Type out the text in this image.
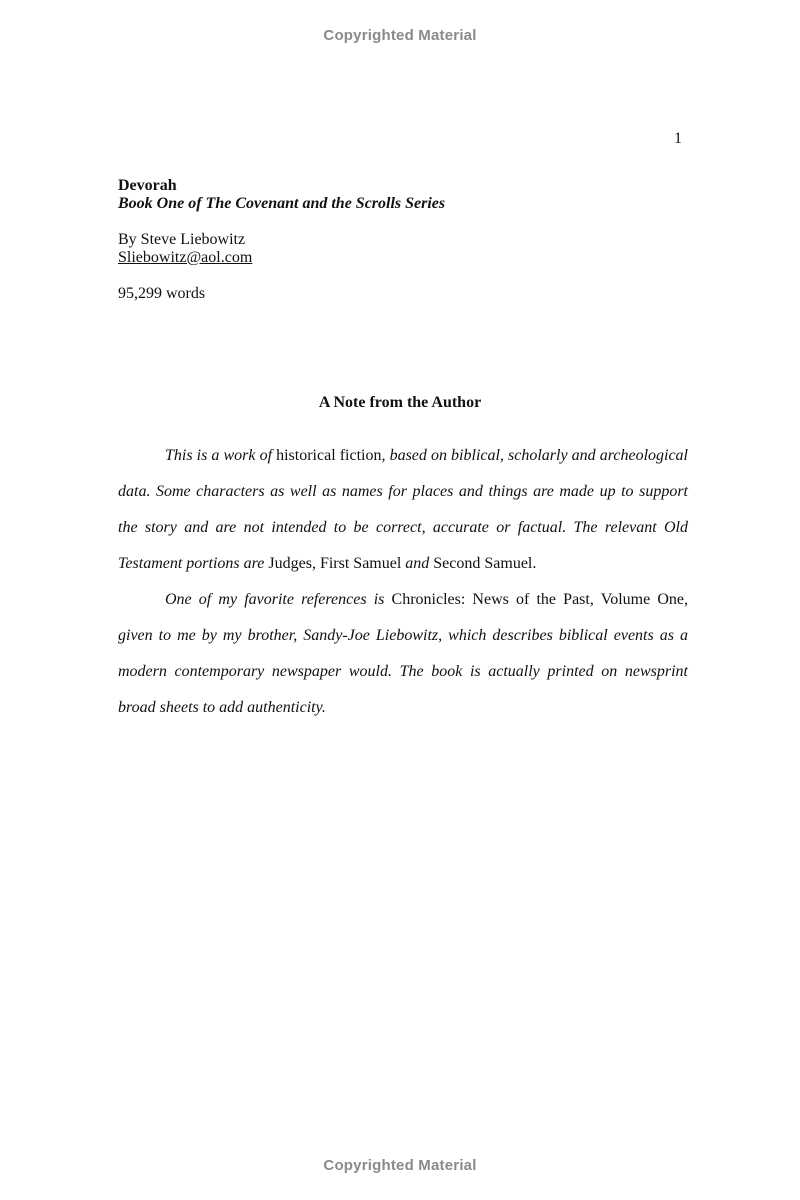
Copyrighted Material
1
Devorah
Book One of The Covenant and the Scrolls Series
By Steve Liebowitz
Sliebowitz@aol.com
95,299 words
A Note from the Author

This is a work of historical fiction, based on biblical, scholarly and archeological data. Some characters as well as names for places and things are made up to support the story and are not intended to be correct, accurate or factual. The relevant Old Testament portions are Judges, First Samuel and Second Samuel.

One of my favorite references is Chronicles: News of the Past, Volume One, given to me by my brother, Sandy-Joe Liebowitz, which describes biblical events as a modern contemporary newspaper would. The book is actually printed on newsprint broad sheets to add authenticity.

Copyrighted Material
